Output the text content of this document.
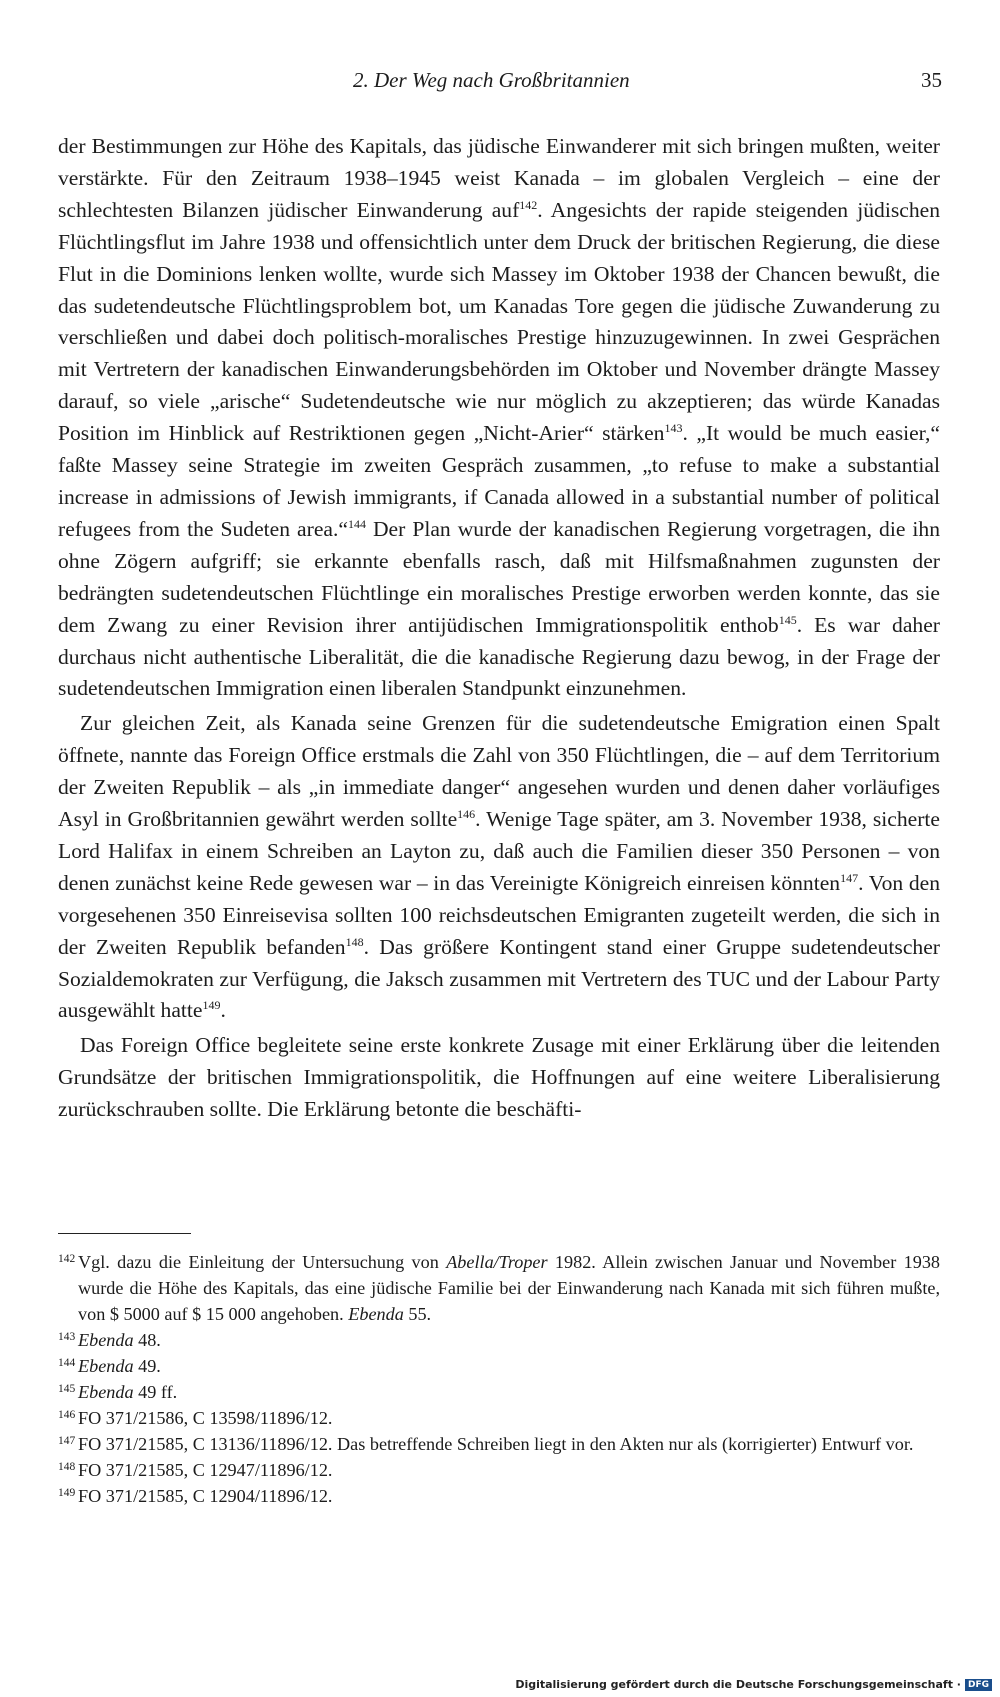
2. Der Weg nach Großbritannien	35

der Bestimmungen zur Höhe des Kapitals, das jüdische Einwanderer mit sich bringen mußten, weiter verstärkte. Für den Zeitraum 1938–1945 weist Kanada – im globalen Vergleich – eine der schlechtesten Bilanzen jüdischer Einwanderung auf$^{142}$. Angesichts der rapide steigenden jüdischen Flüchtlingsflut im Jahre 1938 und offensichtlich unter dem Druck der britischen Regierung, die diese Flut in die Dominions lenken wollte, wurde sich Massey im Oktober 1938 der Chancen bewußt, die das sudetendeutsche Flüchtlingsproblem bot, um Kanadas Tore gegen die jüdische Zuwanderung zu verschließen und dabei doch politisch-moralisches Prestige hinzuzugewinnen. In zwei Gesprächen mit Vertretern der kanadischen Einwanderungsbehörden im Oktober und November drängte Massey darauf, so viele „arische“ Sudetendeutsche wie nur möglich zu akzeptieren; das würde Kanadas Position im Hinblick auf Restriktionen gegen „Nicht-Arier“ stärken$^{143}$. „It would be much easier,“ faßte Massey seine Strategie im zweiten Gespräch zusammen, „to refuse to make a substantial increase in admissions of Jewish immigrants, if Canada allowed in a substantial number of political refugees from the Sudeten area.“$^{144}$ Der Plan wurde der kanadischen Regierung vorgetragen, die ihn ohne Zögern aufgriff; sie erkannte ebenfalls rasch, daß mit Hilfsmaßnahmen zugunsten der bedrängten sudetendeutschen Flüchtlinge ein moralisches Prestige erworben werden konnte, das sie dem Zwang zu einer Revision ihrer antijüdischen Immigrationspolitik enthob$^{145}$. Es war daher durchaus nicht authentische Liberalität, die die kanadische Regierung dazu bewog, in der Frage der sudetendeutschen Immigration einen liberalen Standpunkt einzunehmen.

Zur gleichen Zeit, als Kanada seine Grenzen für die sudetendeutsche Emigration einen Spalt öffnete, nannte das Foreign Office erstmals die Zahl von 350 Flüchtlingen, die – auf dem Territorium der Zweiten Republik – als „in immediate danger“ angesehen wurden und denen daher vorläufiges Asyl in Großbritannien gewährt werden sollte$^{146}$. Wenige Tage später, am 3. November 1938, sicherte Lord Halifax in einem Schreiben an Layton zu, daß auch die Familien dieser 350 Personen – von denen zunächst keine Rede gewesen war – in das Vereinigte Königreich einreisen könnten$^{147}$. Von den vorgesehenen 350 Einreisevisa sollten 100 reichsdeutschen Emigranten zugeteilt werden, die sich in der Zweiten Republik befanden$^{148}$. Das größere Kontingent stand einer Gruppe sudetendeutscher Sozialdemokraten zur Verfügung, die Jaksch zusammen mit Vertretern des TUC und der Labour Party ausgewählt hatte$^{149}$.

Das Foreign Office begleitete seine erste konkrete Zusage mit einer Erklärung über die leitenden Grundsätze der britischen Immigrationspolitik, die Hoffnungen auf eine weitere Liberalisierung zurückschrauben sollte. Die Erklärung betonte die beschäfti-

142 Vgl. dazu die Einleitung der Untersuchung von Abella/Troper 1982. Allein zwischen Januar und November 1938 wurde die Höhe des Kapitals, das eine jüdische Familie bei der Einwanderung nach Kanada mit sich führen mußte, von $ 5000 auf $ 15 000 angehoben. Ebenda 55.
143 Ebenda 48.
144 Ebenda 49.
145 Ebenda 49 ff.
146 FO 371/21586, C 13598/11896/12.
147 FO 371/21585, C 13136/11896/12. Das betreffende Schreiben liegt in den Akten nur als (korrigierter) Entwurf vor.
148 FO 371/21585, C 12947/11896/12.
149 FO 371/21585, C 12904/11896/12.
Digitalisierung gefördert durch die Deutsche Forschungsgemeinschaft · DFG
